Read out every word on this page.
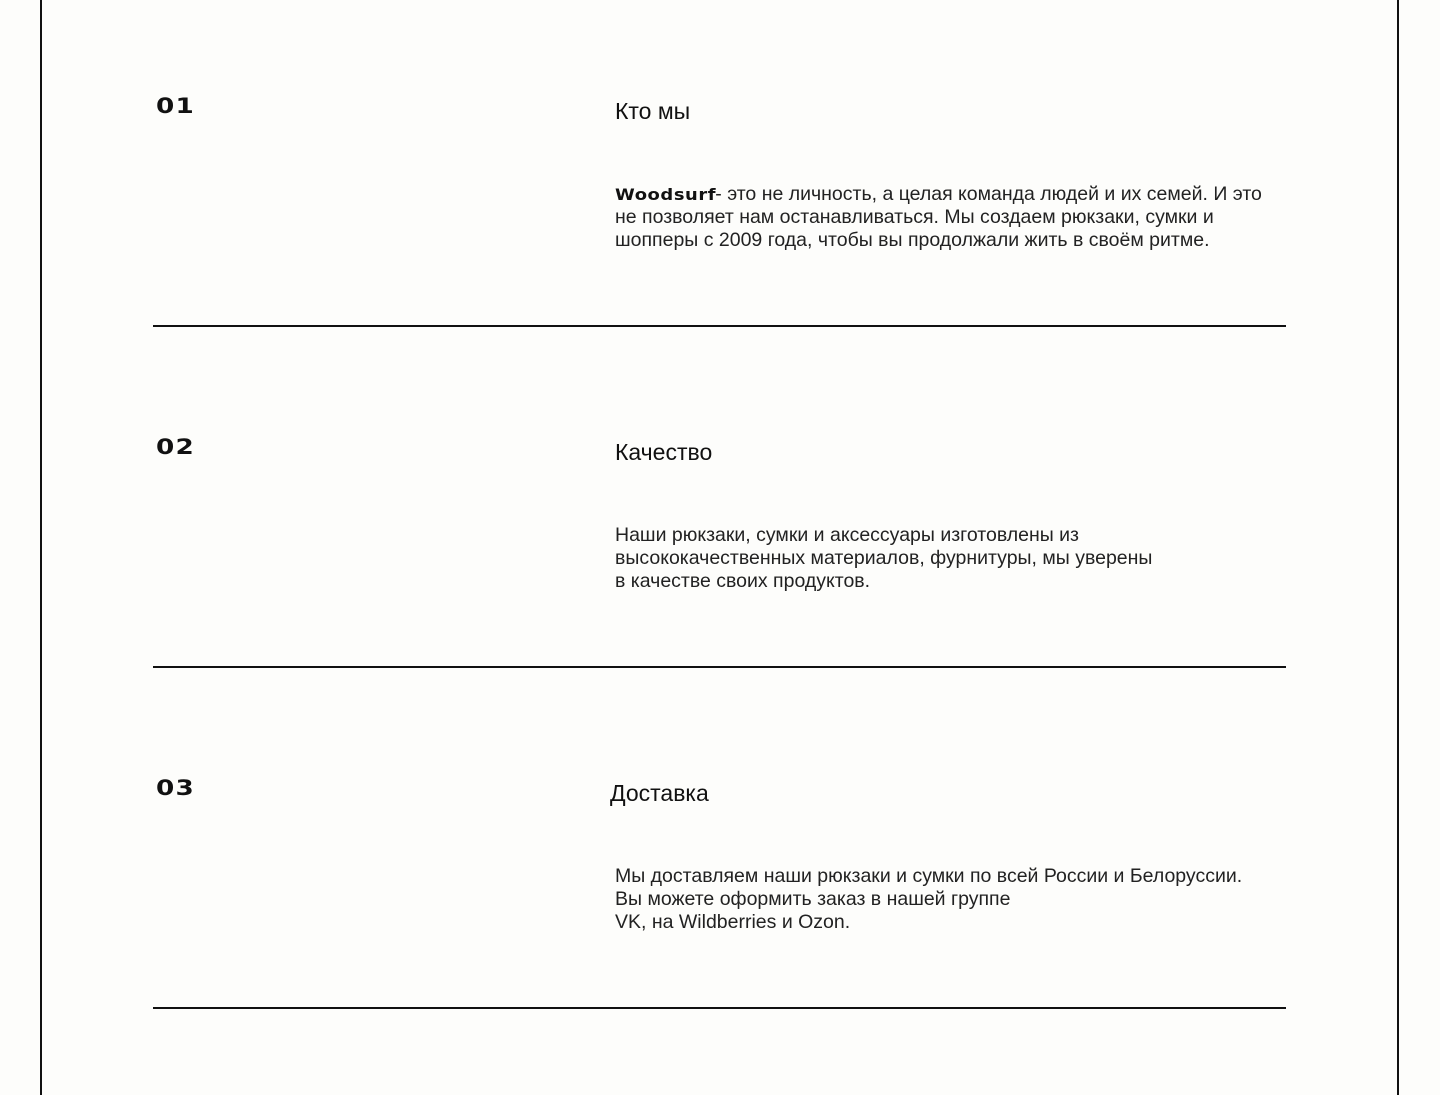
01	Кто мы
Woodsurf- это не личность, а целая команда людей и их семей. И это
не позволяет нам останавливаться. Мы создаем рюкзаки, сумки и
шопперы с 2009 года, чтобы вы продолжали жить в своём ритме.
02	Качество
Наши рюкзаки, сумки и аксессуары изготовлены из
высококачественных материалов, фурнитуры, мы уверены
в качестве своих продуктов.
03	Доставка
Мы доставляем наши рюкзаки и сумки по всей России и Белоруссии.
Вы можете оформить заказ в нашей группе
VK, на Wildberries и Ozon.
